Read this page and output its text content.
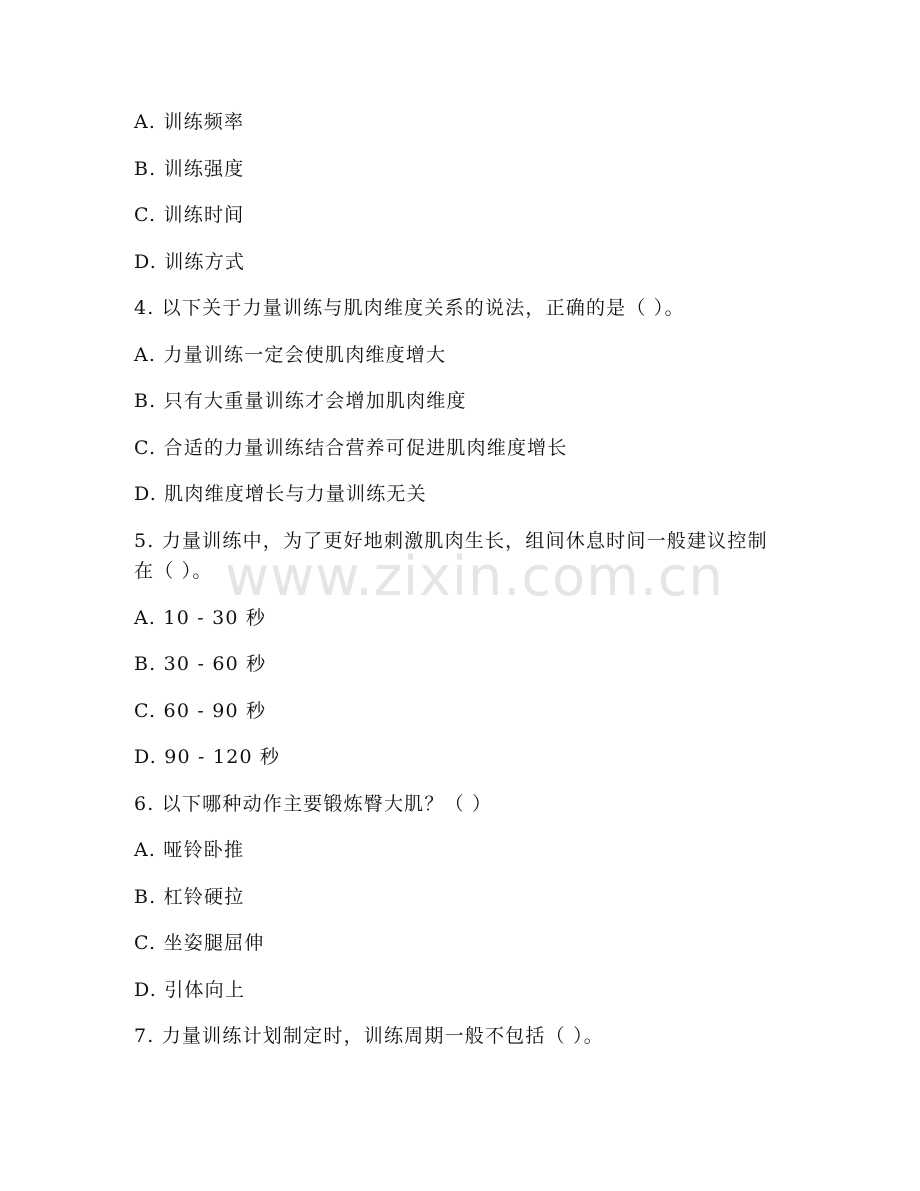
A. 训练频率
B. 训练强度
C. 训练时间
D. 训练方式
4. 以下关于力量训练与肌肉维度关系的说法，正确的是（ ）。
A. 力量训练一定会使肌肉维度增大
B. 只有大重量训练才会增加肌肉维度
C. 合适的力量训练结合营养可促进肌肉维度增长
D. 肌肉维度增长与力量训练无关
5. 力量训练中，为了更好地刺激肌肉生长，组间休息时间一般建议控制在（ ）。
A. 10 - 30 秒
B. 30 - 60 秒
C. 60 - 90 秒
D. 90 - 120 秒
6. 以下哪种动作主要锻炼臀大肌？（ ）
A. 哑铃卧推
B. 杠铃硬拉
C. 坐姿腿屈伸
D. 引体向上
7. 力量训练计划制定时，训练周期一般不包括（ ）。
www.zixin.com.cn
